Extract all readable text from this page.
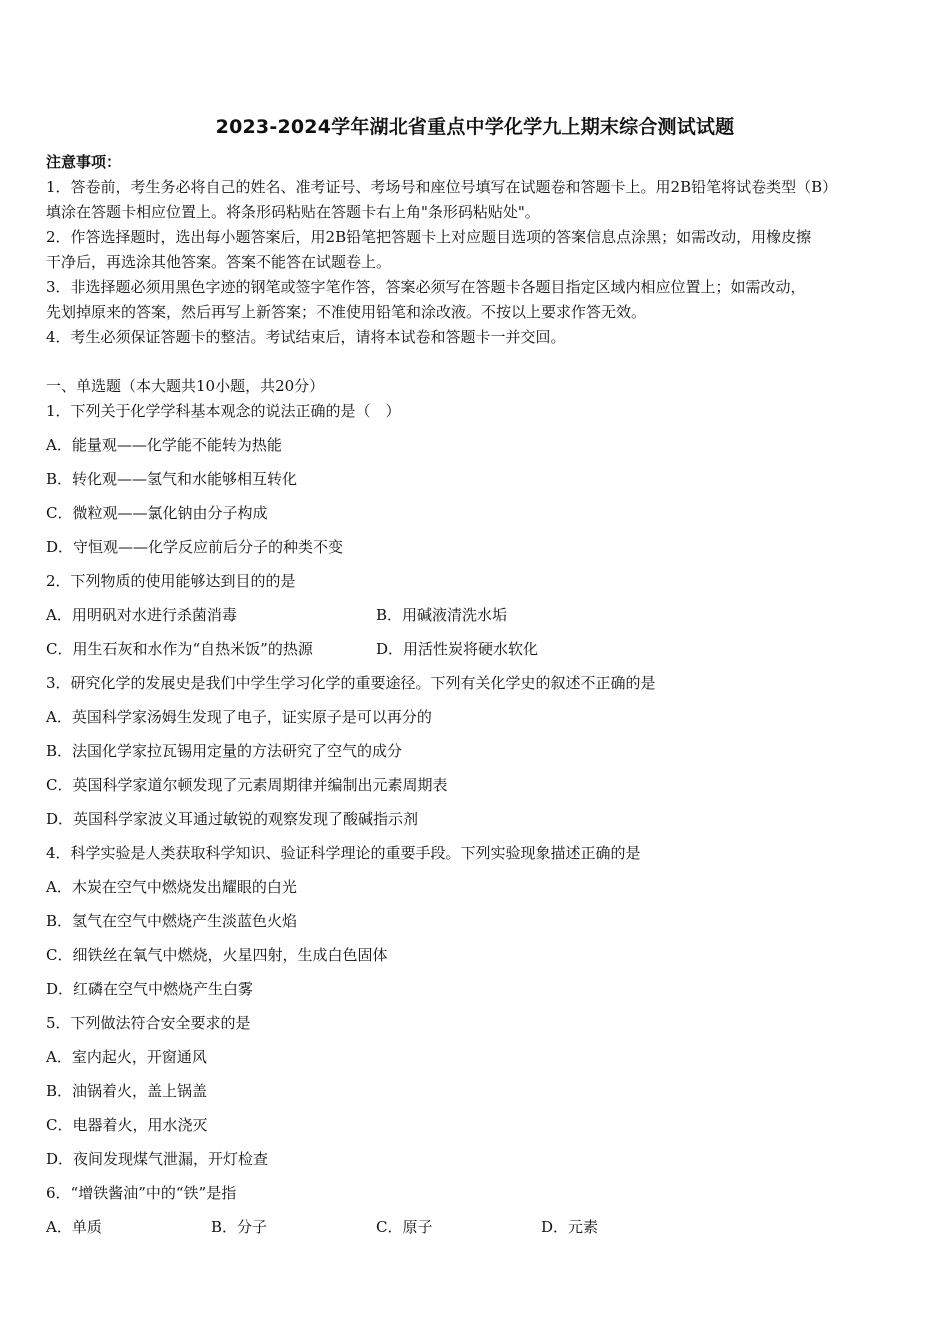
2023-2024学年湖北省重点中学化学九上期末综合测试试题
注意事项：
1．答卷前，考生务必将自己的姓名、准考证号、考场号和座位号填写在试题卷和答题卡上。用2B铅笔将试卷类型（B）
填涂在答题卡相应位置上。将条形码粘贴在答题卡右上角"条形码粘贴处"。
2．作答选择题时，选出每小题答案后，用2B铅笔把答题卡上对应题目选项的答案信息点涂黑；如需改动，用橡皮擦
干净后，再选涂其他答案。答案不能答在试题卷上。
3．非选择题必须用黑色字迹的钢笔或签字笔作答，答案必须写在答题卡各题目指定区域内相应位置上；如需改动，
先划掉原来的答案，然后再写上新答案；不准使用铅笔和涂改液。不按以上要求作答无效。
4．考生必须保证答题卡的整洁。考试结束后，请将本试卷和答题卡一并交回。
一、单选题（本大题共10小题，共20分）
1．下列关于化学学科基本观念的说法正确的是（　）
A．能量观——化学能不能转为热能
B．转化观——氢气和水能够相互转化
C．微粒观——氯化钠由分子构成
D．守恒观——化学反应前后分子的种类不变
2．下列物质的使用能够达到目的的是
A．用明矾对水进行杀菌消毒	B．用碱液清洗水垢
C．用生石灰和水作为“自热米饭”的热源	D．用活性炭将硬水软化
3．研究化学的发展史是我们中学生学习化学的重要途径。下列有关化学史的叙述不正确的是
A．英国科学家汤姆生发现了电子，证实原子是可以再分的
B．法国化学家拉瓦锡用定量的方法研究了空气的成分
C．英国科学家道尔顿发现了元素周期律并编制出元素周期表
D．英国科学家波义耳通过敏锐的观察发现了酸碱指示剂
4．科学实验是人类获取科学知识、验证科学理论的重要手段。下列实验现象描述正确的是
A．木炭在空气中燃烧发出耀眼的白光
B．氢气在空气中燃烧产生淡蓝色火焰
C．细铁丝在氧气中燃烧，火星四射，生成白色固体
D．红磷在空气中燃烧产生白雾
5．下列做法符合安全要求的是
A．室内起火，开窗通风
B．油锅着火，盖上锅盖
C．电器着火，用水浇灭
D．夜间发现煤气泄漏，开灯检查
6．“增铁酱油”中的“铁”是指
A．单质	B．分子	C．原子	D．元素
